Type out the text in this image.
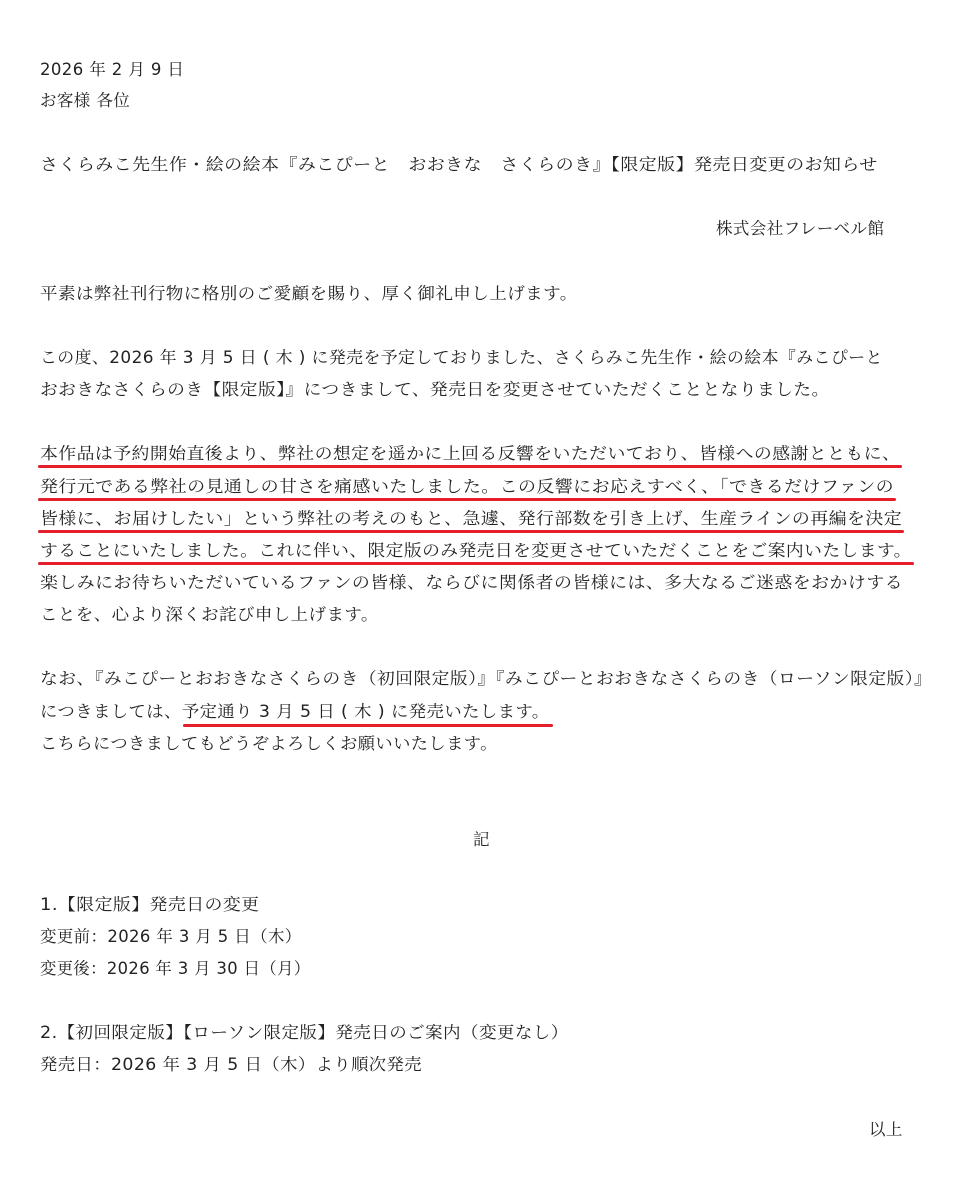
2026 年 2 月 9 日
お客様 各位
さくらみこ先生作・絵の絵本『みこぴーと　おおきな　さくらのき』【限定版】発売日変更のお知らせ
株式会社フレーベル館
平素は弊社刊行物に格別のご愛顧を賜り、厚く御礼申し上げます。
この度、2026 年 3 月 5 日 ( 木 ) に発売を予定しておりました、さくらみこ先生作・絵の絵本『みこぴーと
おおきなさくらのき【限定版】』につきまして、発売日を変更させていただくこととなりました。
本作品は予約開始直後より、弊社の想定を遥かに上回る反響をいただいており、皆様への感謝とともに、
発行元である弊社の見通しの甘さを痛感いたしました。この反響にお応えすべく、「できるだけファンの
皆様に、お届けしたい」という弊社の考えのもと、急遽、発行部数を引き上げ、生産ラインの再編を決定
することにいたしました。これに伴い、限定版のみ発売日を変更させていただくことをご案内いたします。
楽しみにお待ちいただいているファンの皆様、ならびに関係者の皆様には、多大なるご迷惑をおかけする
ことを、心より深くお詫び申し上げます。
なお、『みこぴーとおおきなさくらのき（初回限定版）』『みこぴーとおおきなさくらのき（ローソン限定版）』
につきましては、予定通り 3 月 5 日 ( 木 ) に発売いたします。
こちらにつきましてもどうぞよろしくお願いいたします。
記
1.【限定版】発売日の変更
変更前：2026 年 3 月 5 日（木）
変更後：2026 年 3 月 30 日（月）
2.【初回限定版】【ローソン限定版】発売日のご案内（変更なし）
発売日：2026 年 3 月 5 日（木）より順次発売
以上
